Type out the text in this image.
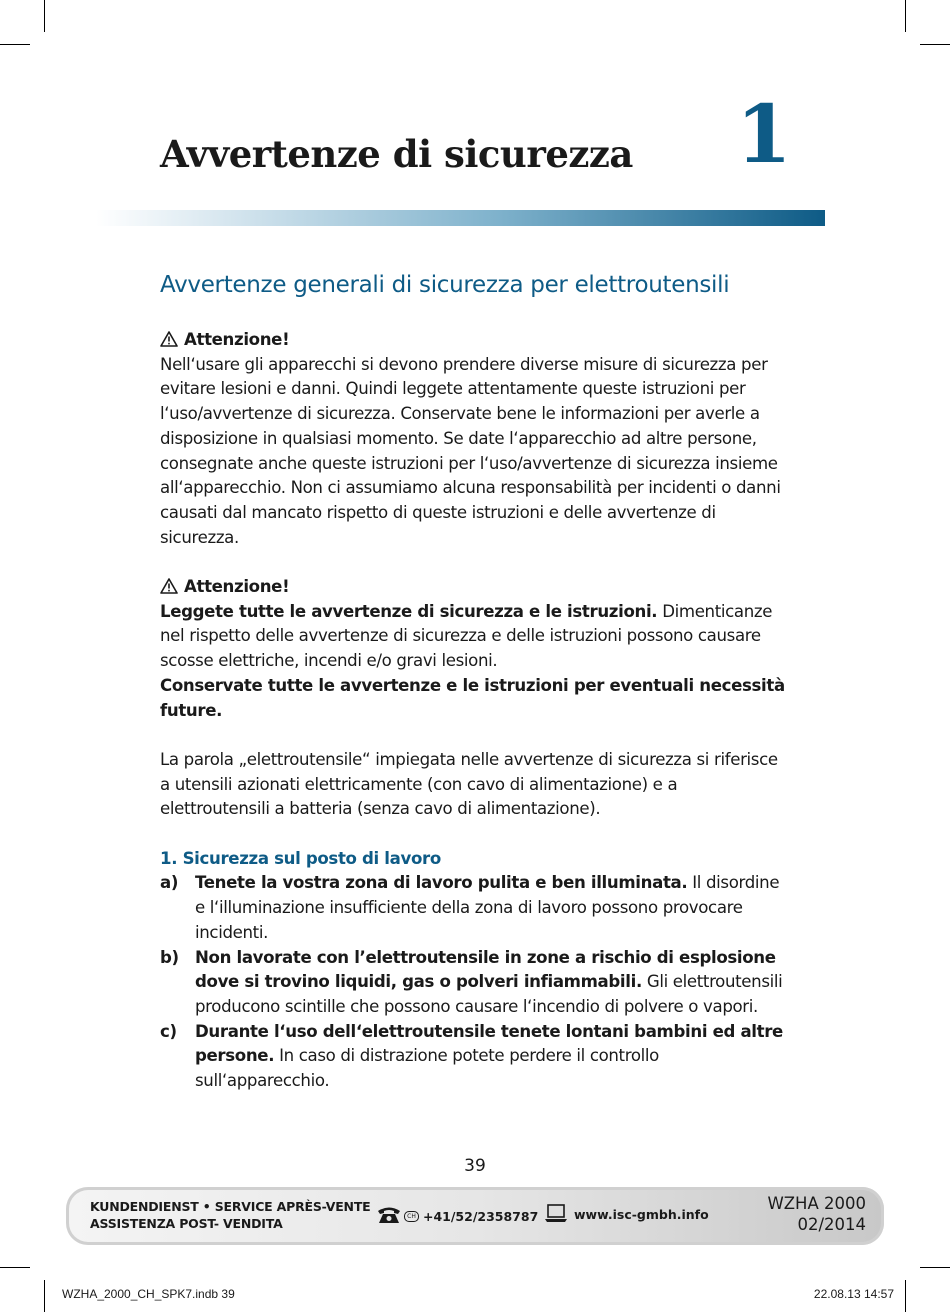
Avvertenze di sicurezza 1
Avvertenze generali di sicurezza per elettroutensili

Attenzione!

Nell‘usare gli apparecchi si devono prendere diverse misure di sicurezza per evitare lesioni e danni. Quindi leggete attentamente queste istruzioni per l‘uso/avvertenze di sicurezza. Conservate bene le informazioni per averle a disposizione in qualsiasi momento. Se date l‘apparecchio ad altre persone, consegnate anche queste istruzioni per l‘uso/avvertenze di sicurezza insieme all‘apparecchio. Non ci assumiamo alcuna responsabilità per incidenti o danni causati dal mancato rispetto di queste istruzioni e delle avvertenze di sicurezza.

Attenzione!

Leggete tutte le avvertenze di sicurezza e le istruzioni. Dimenticanze nel rispetto delle avvertenze di sicurezza e delle istruzioni possono causare scosse elettriche, incendi e/o gravi lesioni.

Conservate tutte le avvertenze e le istruzioni per eventuali necessità future.

La parola „elettroutensile“ impiegata nelle avvertenze di sicurezza si riferisce a utensili azionati elettricamente (con cavo di alimentazione) e a elettroutensili a batteria (senza cavo di alimentazione).

1. Sicurezza sul posto di lavoro

a)	Tenete la vostra zona di lavoro pulita e ben illuminata. Il disordine e l‘illuminazione insufficiente della zona di lavoro possono provocare incidenti.
b) Non lavorate con l’elettroutensile in zone a rischio di esplosione dove si trovino liquidi, gas o polveri infiammabili. Gli elettroutensili producono scintille che possono causare l‘incendio di polvere o vapori.
c)	Durante l‘uso dell‘elettroutensile tenete lontani bambini ed altre persone. In caso di distrazione potete perdere il controllo sull‘apparecchio.
39
KUNDENDIENST • SERVICE APRÈS-VENTE
ASSISTENZA POST- VENDITA	CH +41/52/2358787	www.isc-gmbh.info
WZHA 2000
02/2014
WZHA_2000_CH_SPK7.indb 39	22.08.13 14:57
